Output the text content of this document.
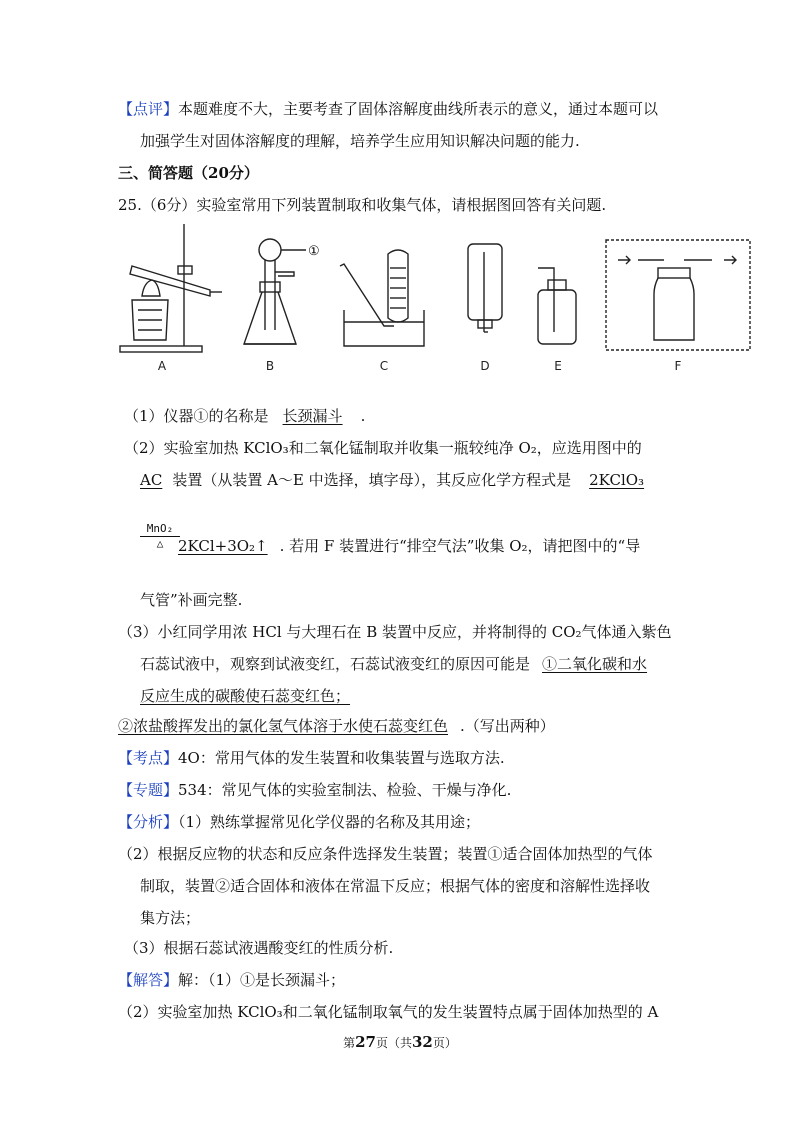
【点评】本题难度不大，主要考查了固体溶解度曲线所表示的意义，通过本题可以
加强学生对固体溶解度的理解，培养学生应用知识解决问题的能力.
三、简答题（20分）
25.（6分）实验室常用下列装置制取和收集气体，请根据图回答有关问题.
①
A	B	C	D	E	F
（1）仪器①的名称是 长颈漏斗 .
（2）实验室加热 KClO₃和二氧化锰制取并收集一瓶较纯净 O₂，应选用图中的
AC 装置（从装置 A～E 中选择，填字母），其反应化学方程式是 2KClO₃
MnO₂
△ 2KCl+3O₂↑ . 若用 F 装置进行“排空气法”收集 O₂，请把图中的“导
气管”补画完整.
（3）小红同学用浓 HCl 与大理石在 B 装置中反应，并将制得的 CO₂气体通入紫色
石蕊试液中，观察到试液变红，石蕊试液变红的原因可能是 ①二氧化碳和水
反应生成的碳酸使石蕊变红色；
②浓盐酸挥发出的氯化氢气体溶于水使石蕊变红色 .（写出两种）
【考点】4O：常用气体的发生装置和收集装置与选取方法.
【专题】534：常见气体的实验室制法、检验、干燥与净化.
【分析】（1）熟练掌握常见化学仪器的名称及其用途；
（2）根据反应物的状态和反应条件选择发生装置；装置①适合固体加热型的气体
制取，装置②适合固体和液体在常温下反应；根据气体的密度和溶解性选择收
集方法；
（3）根据石蕊试液遇酸变红的性质分析.
【解答】解：（1）①是长颈漏斗；
（2）实验室加热 KClO₃和二氧化锰制取氧气的发生装置特点属于固体加热型的 A
第27页（共32页）
